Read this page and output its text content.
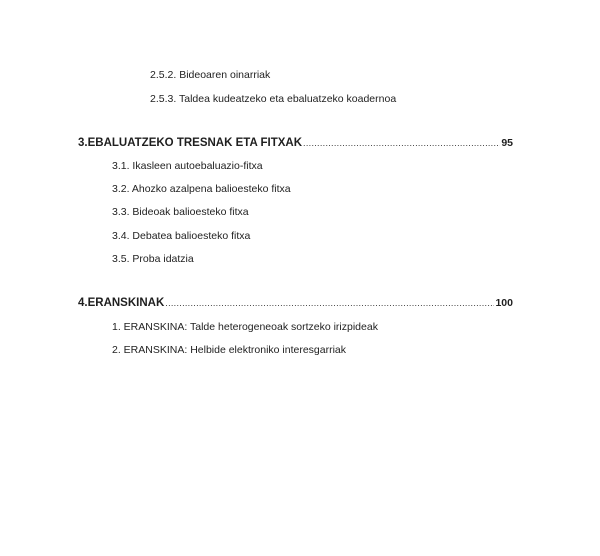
2.5.2. Bideoaren oinarriak
2.5.3. Taldea kudeatzeko eta ebaluatzeko koadernoa
3. EBALUATZEKO TRESNAK ETA FITXAK .....	95
3.1. Ikasleen autoebaluazio-fitxa
3.2. Ahozko azalpena balioesteko fitxa
3.3. Bideoak balioesteko fitxa
3.4. Debatea balioesteko fitxa
3.5. Proba idatzia
4. ERANSKINAK .....	100
1. ERANSKINA: Talde heterogeneoak sortzeko irizpideak
2. ERANSKINA: Helbide elektroniko interesgarriak
